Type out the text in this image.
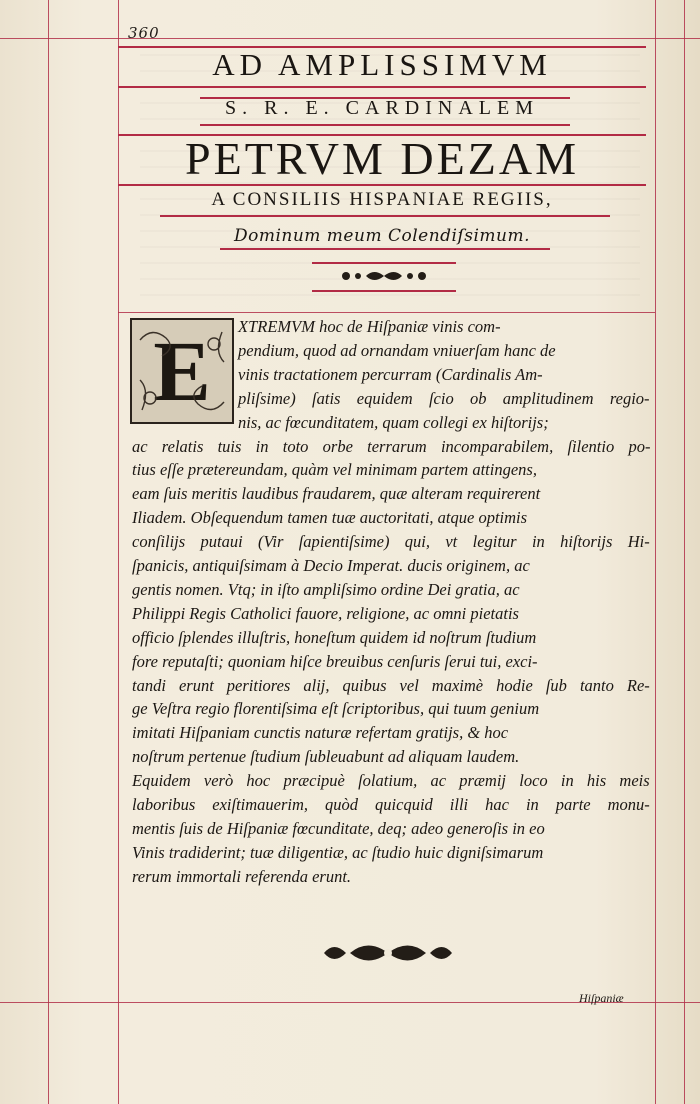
360
AD AMPLISSIMVM
S. R. E. CARDINALEM
PETRVM DEZAM
A CONSILIIS HISPANIAE REGIIS,
Dominum meum Colendiſsimum.
E XTREMVM hoc de Hiſpaniæ vinis com-
pendium, quod ad ornandam vniuerſam hanc de
vinis tractationem percurram (Cardinalis Am-
pliſsime) ſatis equidem ſcio ob amplitudinem regio-
nis, ac fœcunditatem, quam collegi ex hiſtorijs;
ac relatis tuis in toto orbe terrarum incomparabilem, ſilentio po-
tius eſſe prætereundam, quàm vel minimam partem attingens,
eam ſuis meritis laudibus fraudarem, quæ alteram requirerent
Iliadem. Obſequendum tamen tuæ auctoritati, atque optimis
conſilijs putaui (Vir ſapientiſsime) qui, vt legitur in hiſtorijs Hi-
ſpanicis, antiquiſsimam à Decio Imperat. ducis originem, ac
gentis nomen. Vtq; in iſto ampliſsimo ordine Dei gratia, ac
Philippi Regis Catholici fauore, religione, ac omni pietatis
officio ſplendes illuſtris, honeſtum quidem id noſtrum ſtudium
fore reputaſti; quoniam hiſce breuibus cenſuris ſerui tui, exci-
tandi erunt peritiores alij, quibus vel maximè hodie ſub tanto Re-
ge Veſtra regio florentiſsima eſt ſcriptoribus, qui tuum genium
imitati Hiſpaniam cunctis naturæ refertam gratijs, & hoc
noſtrum pertenue ſtudium ſubleuabunt ad aliquam laudem.
Equidem verò hoc præcipuè ſolatium, ac præmij loco in his meis
laboribus exiſtimauerim, quòd quicquid illi hac in parte monu-
mentis ſuis de Hiſpaniæ fœcunditate, deq; adeo generoſis in eo
Vinis tradiderint; tuæ diligentiæ, ac ſtudio huic digniſsimarum
rerum immortali referenda erunt.
Hiſpaniæ
